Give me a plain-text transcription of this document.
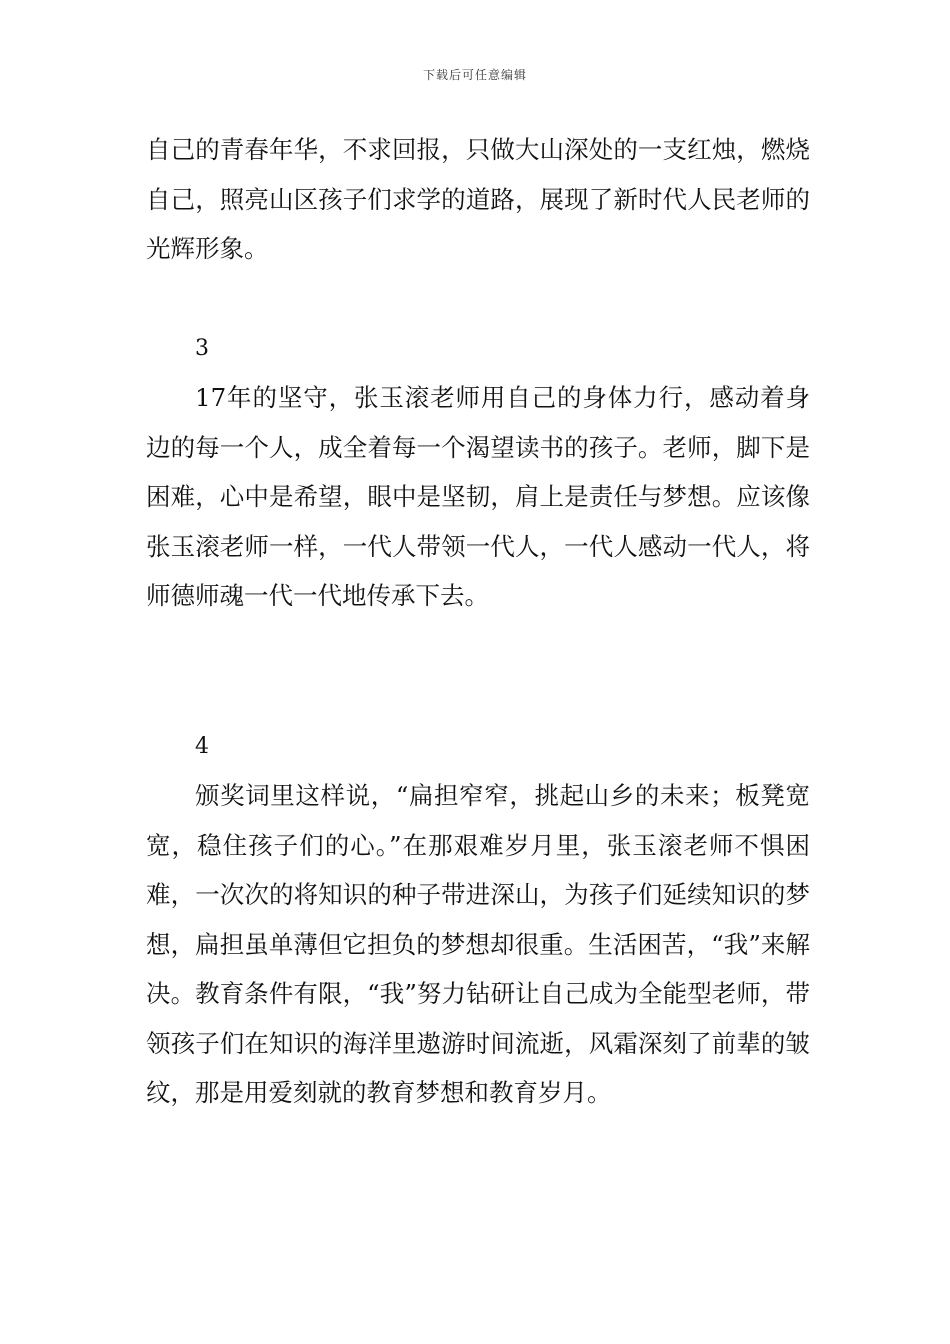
下载后可任意编辑

自己的青春年华，不求回报，只做大山深处的一支红烛，燃烧自己，照亮山区孩子们求学的道路，展现了新时代人民老师的光辉形象。

3

17年的坚守，张玉滚老师用自己的身体力行，感动着身边的每一个人，成全着每一个渴望读书的孩子。老师，脚下是困难，心中是希望，眼中是坚韧，肩上是责任与梦想。应该像张玉滚老师一样，一代人带领一代人，一代人感动一代人，将师德师魂一代一代地传承下去。

4

颁奖词里这样说，“扁担窄窄，挑起山乡的未来；板凳宽宽，稳住孩子们的心。”在那艰难岁月里，张玉滚老师不惧困难，一次次的将知识的种子带进深山，为孩子们延续知识的梦想，扁担虽单薄但它担负的梦想却很重。生活困苦，“我”来解决。教育条件有限，“我”努力钻研让自己成为全能型老师，带领孩子们在知识的海洋里遨游时间流逝，风霜深刻了前辈的皱纹，那是用爱刻就的教育梦想和教育岁月。
